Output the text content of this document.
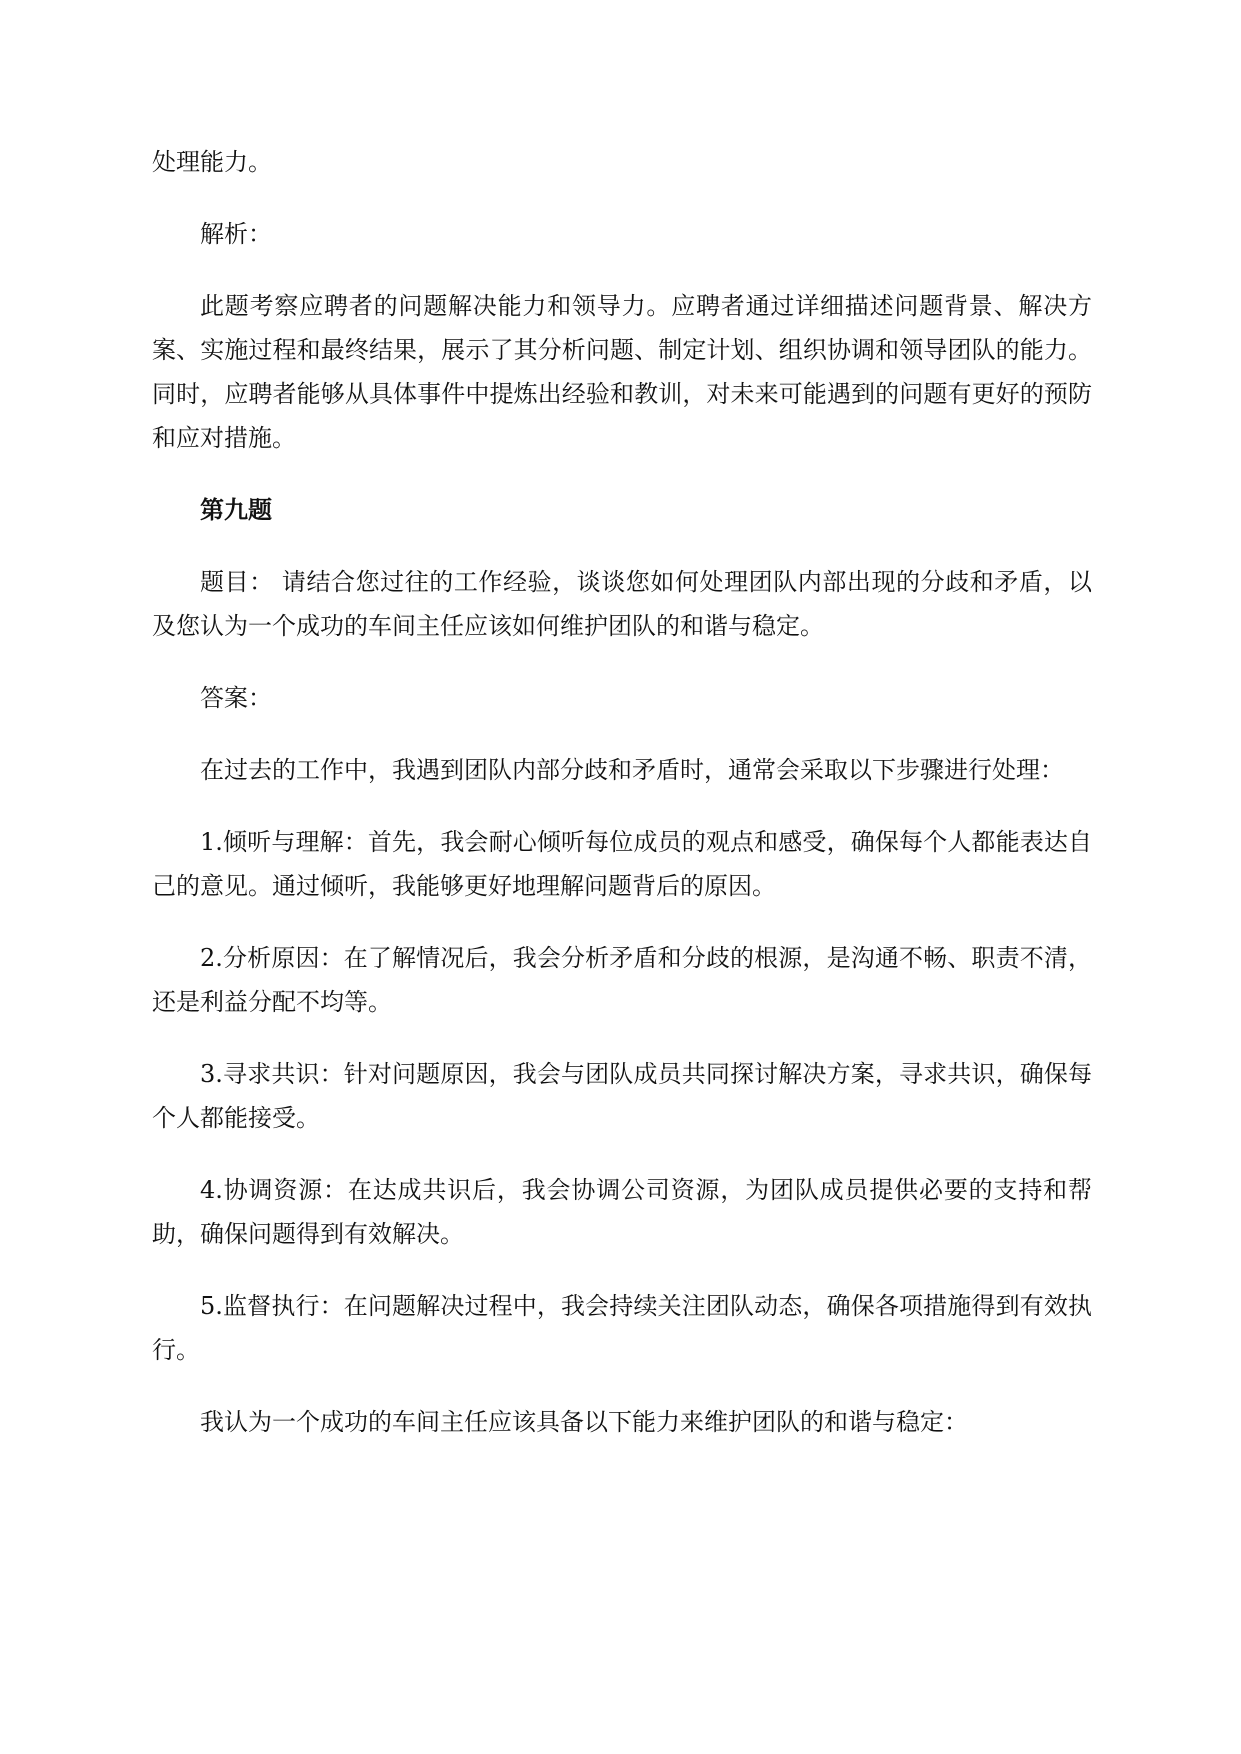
处理能力。

解析：

此题考察应聘者的问题解决能力和领导力。应聘者通过详细描述问题背景、解决方案、实施过程和最终结果，展示了其分析问题、制定计划、组织协调和领导团队的能力。同时，应聘者能够从具体事件中提炼出经验和教训，对未来可能遇到的问题有更好的预防和应对措施。

第九题

题目： 请结合您过往的工作经验，谈谈您如何处理团队内部出现的分歧和矛盾，以及您认为一个成功的车间主任应该如何维护团队的和谐与稳定。

答案：

在过去的工作中，我遇到团队内部分歧和矛盾时，通常会采取以下步骤进行处理：

1.倾听与理解：首先，我会耐心倾听每位成员的观点和感受，确保每个人都能表达自己的意见。通过倾听，我能够更好地理解问题背后的原因。

2.分析原因：在了解情况后，我会分析矛盾和分歧的根源，是沟通不畅、职责不清，还是利益分配不均等。

3.寻求共识：针对问题原因，我会与团队成员共同探讨解决方案，寻求共识，确保每个人都能接受。

4.协调资源：在达成共识后，我会协调公司资源，为团队成员提供必要的支持和帮助，确保问题得到有效解决。

5.监督执行：在问题解决过程中，我会持续关注团队动态，确保各项措施得到有效执行。

我认为一个成功的车间主任应该具备以下能力来维护团队的和谐与稳定：
